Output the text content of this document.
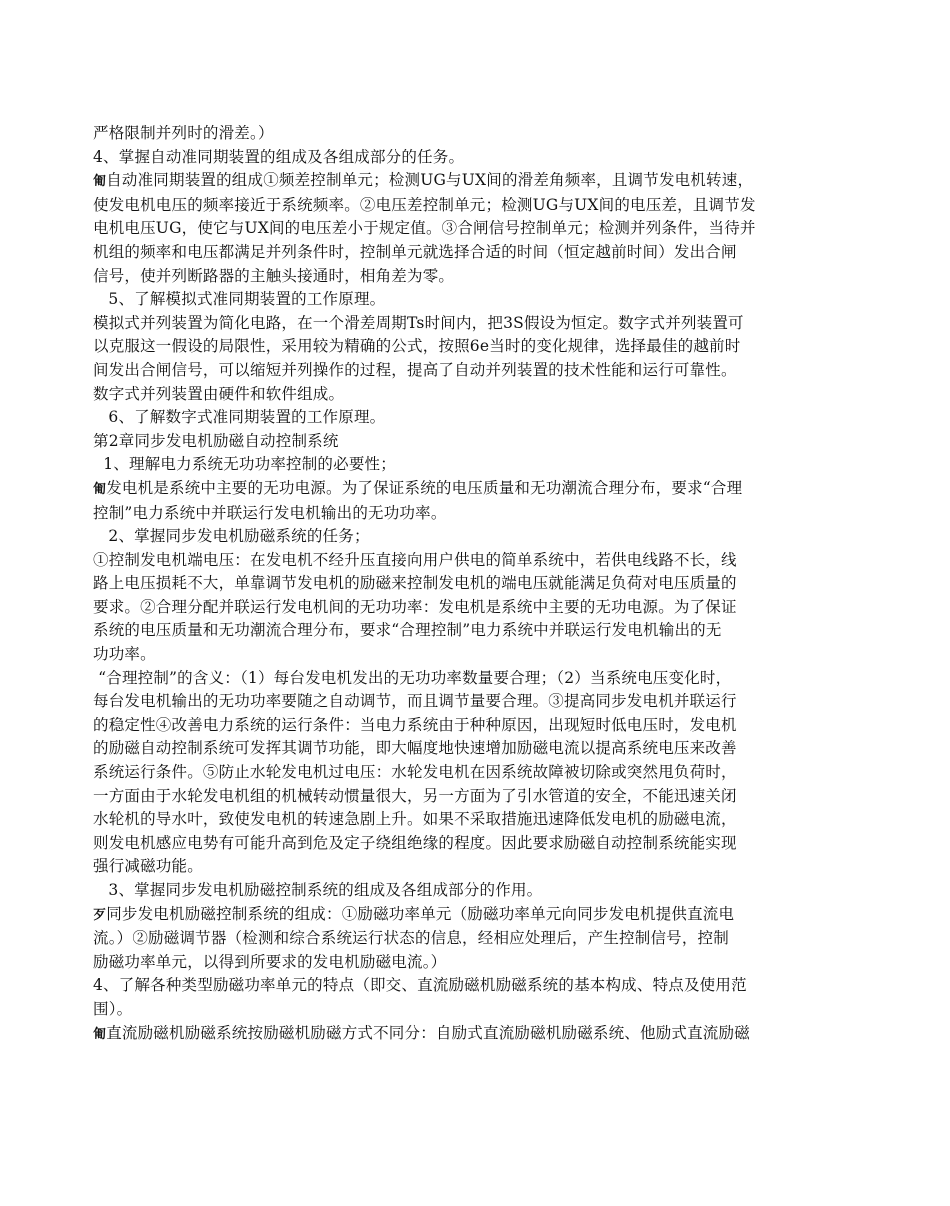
严格限制并列时的滑差。）
4、掌握自动准同期装置的组成及各组成部分的任务。
匍自动准同期装置的组成①频差控制单元；检测UG与UX间的滑差角频率，且调节发电机转速，
使发电机电压的频率接近于系统频率。②电压差控制单元；检测UG与UX间的电压差，且调节发
电机电压UG，使它与UX间的电压差小于规定值。③合闸信号控制单元；检测并列条件，当待并
机组的频率和电压都满足并列条件时，控制单元就选择合适的时间（恒定越前时间）发出合闸
信号，使并列断路器的主触头接通时，相角差为零。
5、了解模拟式准同期装置的工作原理。
模拟式并列装置为简化电路，在一个滑差周期Ts时间内，把3S假设为恒定。数字式并列装置可
以克服这一假设的局限性，采用较为精确的公式，按照6e当时的变化规律，选择最佳的越前时
间发出合闸信号，可以缩短并列操作的过程，提高了自动并列装置的技术性能和运行可靠性。
数字式并列装置由硬件和软件组成。
6、了解数字式准同期装置的工作原理。
第2章同步发电机励磁自动控制系统
1、理解电力系统无功功率控制的必要性；
匍发电机是系统中主要的无功电源。为了保证系统的电压质量和无功潮流合理分布，要求“合理
控制”电力系统中并联运行发电机输出的无功功率。
2、掌握同步发电机励磁系统的任务；
①控制发电机端电压：在发电机不经升压直接向用户供电的简单系统中，若供电线路不长，线
路上电压损耗不大，单靠调节发电机的励磁来控制发电机的端电压就能满足负荷对电压质量的
要求。②合理分配并联运行发电机间的无功功率：发电机是系统中主要的无功电源。为了保证
系统的电压质量和无功潮流合理分布，要求“合理控制”电力系统中并联运行发电机输出的无
功功率。
“合理控制”的含义：（1）每台发电机发出的无功功率数量要合理；（2）当系统电压变化时，
每台发电机输出的无功功率要随之自动调节，而且调节量要合理。③提高同步发电机并联运行
的稳定性④改善电力系统的运行条件：当电力系统由于种种原因，出现短时低电压时，发电机
的励磁自动控制系统可发挥其调节功能，即大幅度地快速增加励磁电流以提高系统电压来改善
系统运行条件。⑤防止水轮发电机过电压：水轮发电机在因系统故障被切除或突然甩负荷时，
一方面由于水轮发电机组的机械转动惯量很大，另一方面为了引水管道的安全，不能迅速关闭
水轮机的导水叶，致使发电机的转速急剧上升。如果不采取措施迅速降低发电机的励磁电流，
则发电机感应电势有可能升高到危及定子绕组绝缘的程度。因此要求励磁自动控制系统能实现
强行减磁功能。
3、掌握同步发电机励磁控制系统的组成及各组成部分的作用。
歹同步发电机励磁控制系统的组成：①励磁功率单元（励磁功率单元向同步发电机提供直流电
流。）②励磁调节器（检测和综合系统运行状态的信息，经相应处理后，产生控制信号，控制
励磁功率单元，以得到所要求的发电机励磁电流。）
4、了解各种类型励磁功率单元的特点（即交、直流励磁机励磁系统的基本构成、特点及使用范
围）。
匍直流励磁机励磁系统按励磁机励磁方式不同分：自励式直流励磁机励磁系统、他励式直流励磁
